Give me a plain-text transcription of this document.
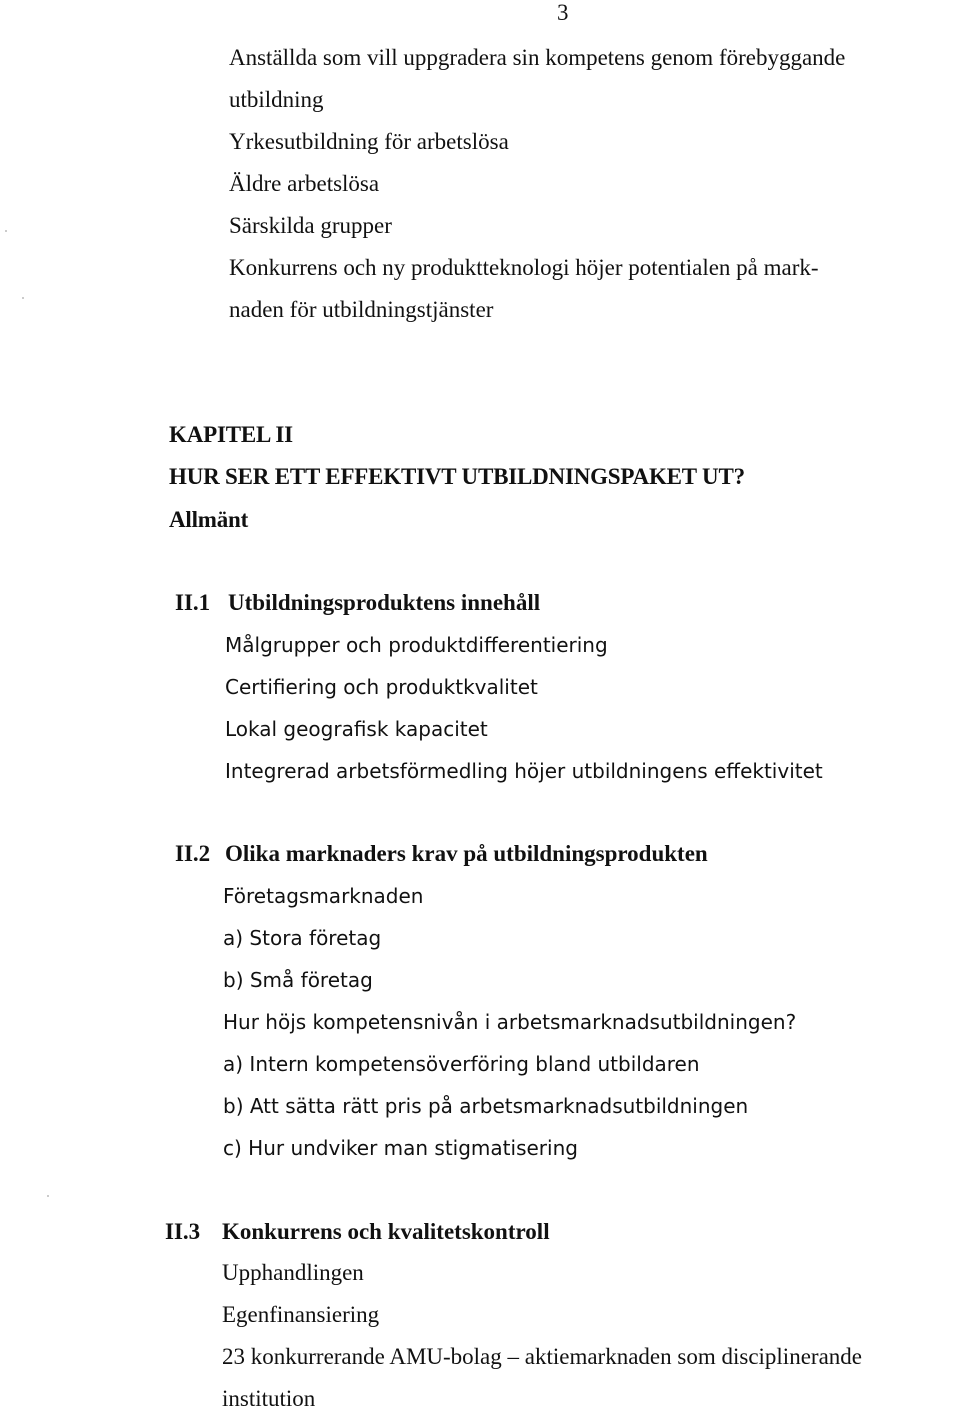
3
Anställda som vill uppgradera sin kompetens genom förebyggande
utbildning
Yrkesutbildning för arbetslösa
Äldre arbetslösa
Särskilda grupper
Konkurrens och ny produktteknologi höjer potentialen på mark-
naden för utbildningstjänster
KAPITEL II
HUR SER ETT EFFEKTIVT UTBILDNINGSPAKET UT?
Allmänt
II.1 Utbildningsproduktens innehåll
Målgrupper och produktdifferentiering
Certifiering och produktkvalitet
Lokal geografisk kapacitet
Integrerad arbetsförmedling höjer utbildningens effektivitet
II.2 Olika marknaders krav på utbildningsprodukten
Företagsmarknaden
a) Stora företag
b) Små företag
Hur höjs kompetensnivån i arbetsmarknadsutbildningen?
a) Intern kompetensöverföring bland utbildaren
b) Att sätta rätt pris på arbetsmarknadsutbildningen
c) Hur undviker man stigmatisering
II.3 Konkurrens och kvalitetskontroll
Upphandlingen
Egenfinansiering
23 konkurrerande AMU-bolag – aktiemarknaden som disciplinerande
institution
